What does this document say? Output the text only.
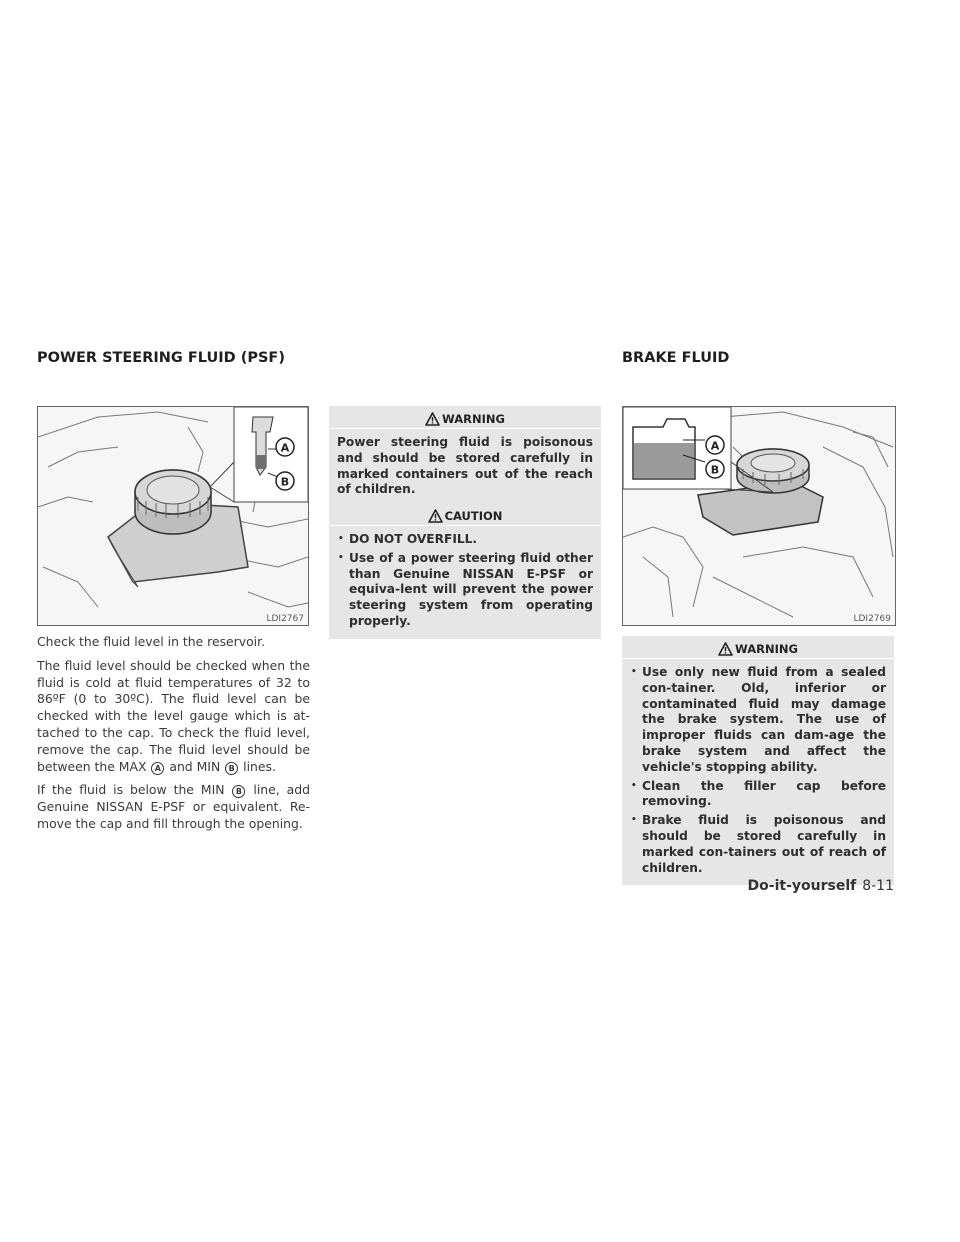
POWER STEERING FLUID (PSF)	BRAKE FLUID
A
B
LDI2767

Check the fluid level in the reservoir.

The fluid level should be checked when the fluid is cold at fluid temperatures of 32 to 86ºF (0 to 30ºC). The fluid level can be checked with the level gauge which is at-tached to the cap. To check the fluid level, remove the cap. The fluid level should be between the MAX A and MIN B lines.

If the fluid is below the MIN B line, add Genuine NISSAN E-PSF or equivalent. Re-move the cap and fill through the opening.

WARNING

Power steering fluid is poisonous and should be stored carefully in marked containers out of the reach of children.

CAUTION
• DO NOT OVERFILL.
• Use of a power steering fluid other than Genuine NISSAN E-PSF or equiva-lent will prevent the power steering system from operating properly.
A
B
LDI2769
WARNING
• Use only new fluid from a sealed con-tainer. Old, inferior or contaminated fluid may damage the brake system. The use of improper fluids can dam-age the brake system and affect the vehicle's stopping ability.
• Clean the filler cap before removing.
• Brake fluid is poisonous and should be stored carefully in marked con-tainers out of reach of children.
Do-it-yourself 8-11
